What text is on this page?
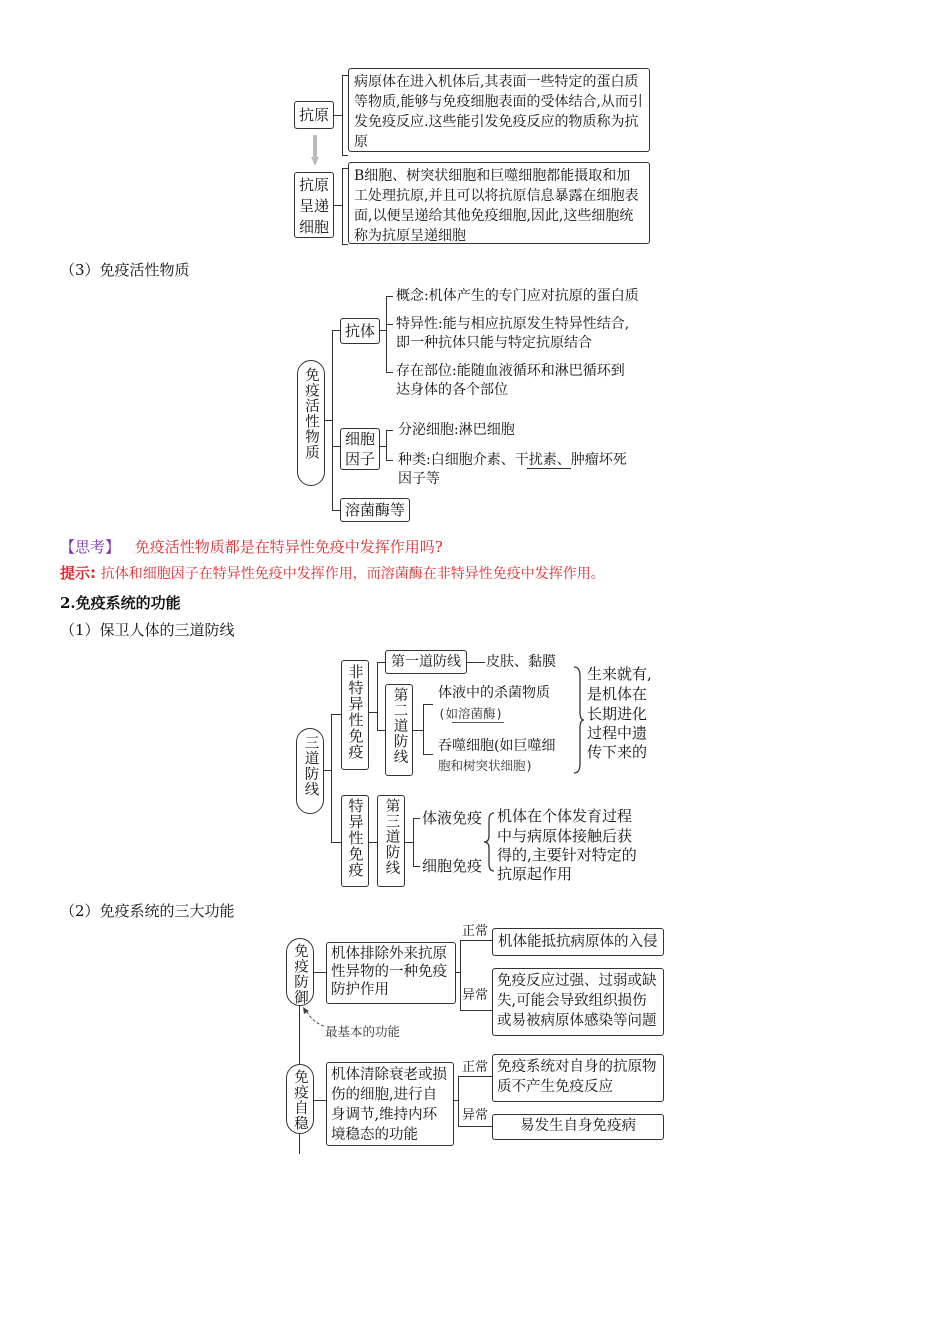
抗原
病原体在进入机体后,其表面一些特定的蛋白质等物质,能够与免疫细胞表面的受体结合,从而引发免疫反应.这些能引发免疫反应的物质称为抗原
抗原呈递细胞
B细胞、树突状细胞和巨噬细胞都能摄取和加工处理抗原,并且可以将抗原信息暴露在细胞表面,以便呈递给其他免疫细胞,因此,这些细胞统称为抗原呈递细胞
（3）免疫活性物质
免疫活性物质
抗体
概念:机体产生的专门应对抗原的蛋白质
特异性:能与相应抗原发生特异性结合,
即一种抗体只能与特定抗原结合
存在部位:能随血液循环和淋巴循环到
达身体的各个部位
细胞因子
分泌细胞:淋巴细胞
种类:白细胞介素、干扰素、肿瘤坏死
因子等
溶菌酶等
【思考】 免疫活性物质都是在特异性免疫中发挥作用吗?
提示: 抗体和细胞因子在特异性免疫中发挥作用，而溶菌酶在非特异性免疫中发挥作用。
2.免疫系统的功能
（1）保卫人体的三道防线
三道防线
非特异性免疫
第一道防线	皮肤、黏膜
第二道防线	体液中的杀菌物质
(如溶菌酶)
吞噬细胞(如巨噬细
胞和树突状细胞)
生来就有,
是机体在
长期进化
过程中遗
传下来的
特异性免疫	第三道防线	体液免疫
细胞免疫
机体在个体发育过程
中与病原体接触后获
得的,主要针对特定的
抗原起作用
（2）免疫系统的三大功能
免疫防御	机体排除外来抗原性异物的一种免疫防护作用
正常
异常
机体能抵抗病原体的入侵
免疫反应过强、过弱或缺失,可能会导致组织损伤或易被病原体感染等问题
最基本的功能
免疫自稳	机体清除衰老或损伤的细胞,进行自身调节,维持内环境稳态的功能
正常
异常
免疫系统对自身的抗原物质不产生免疫反应
易发生自身免疫病
